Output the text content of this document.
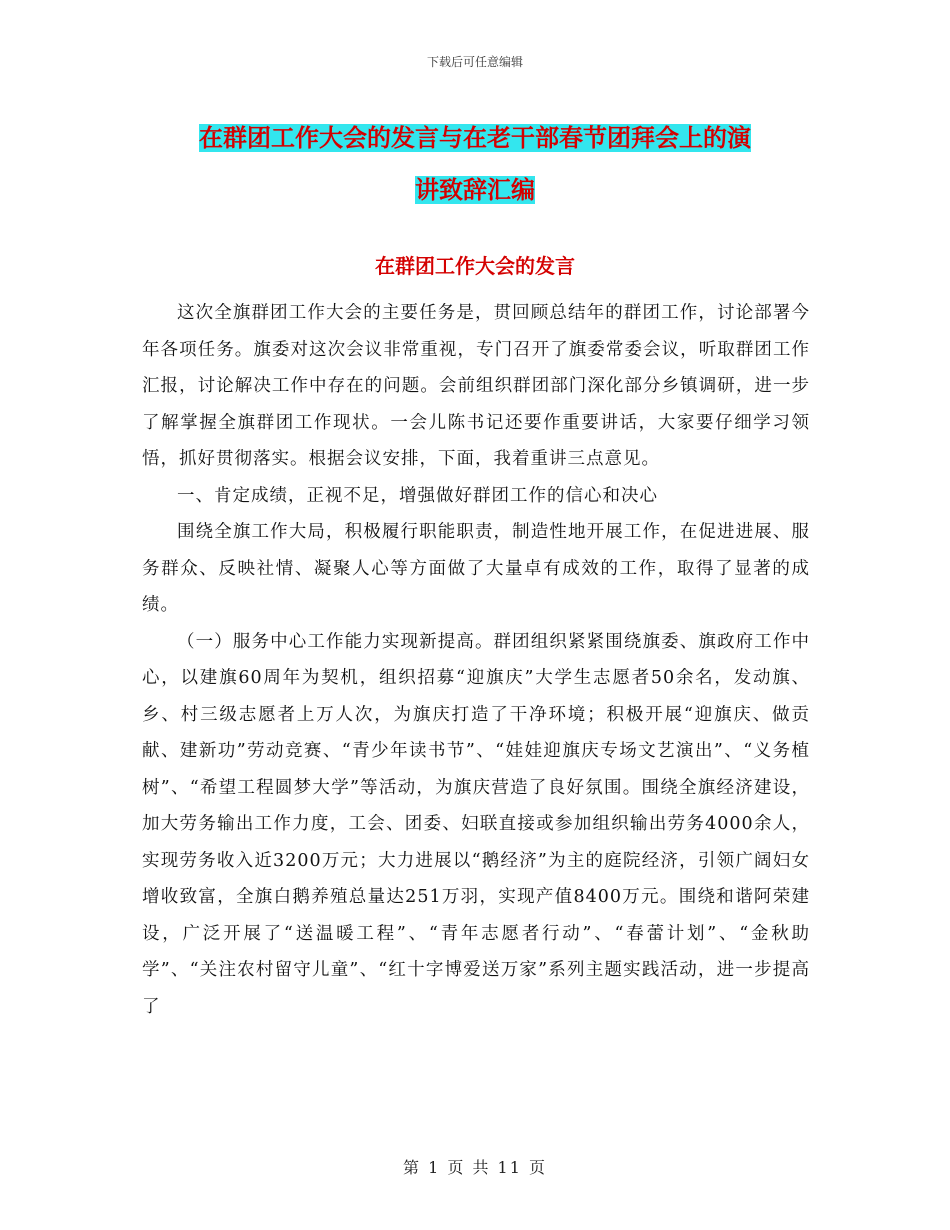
下载后可任意编辑
在群团工作大会的发言与在老干部春节团拜会上的演
讲致辞汇编
在群团工作大会的发言

这次全旗群团工作大会的主要任务是，贯回顾总结年的群团工作，讨论部署今年各项任务。旗委对这次会议非常重视，专门召开了旗委常委会议，听取群团工作汇报，讨论解决工作中存在的问题。会前组织群团部门深化部分乡镇调研，进一步了解掌握全旗群团工作现状。一会儿陈书记还要作重要讲话，大家要仔细学习领悟，抓好贯彻落实。根据会议安排，下面，我着重讲三点意见。

一、肯定成绩，正视不足，增强做好群团工作的信心和决心

围绕全旗工作大局，积极履行职能职责，制造性地开展工作，在促进进展、服务群众、反映社情、凝聚人心等方面做了大量卓有成效的工作，取得了显著的成绩。

（一）服务中心工作能力实现新提高。群团组织紧紧围绕旗委、旗政府工作中心，以建旗60周年为契机，组织招募“迎旗庆”大学生志愿者50余名，发动旗、乡、村三级志愿者上万人次，为旗庆打造了干净环境；积极开展“迎旗庆、做贡献、建新功”劳动竞赛、“青少年读书节”、“娃娃迎旗庆专场文艺演出”、“义务植树”、“希望工程圆梦大学”等活动，为旗庆营造了良好氛围。围绕全旗经济建设，加大劳务输出工作力度，工会、团委、妇联直接或参加组织输出劳务4000余人，实现劳务收入近3200万元；大力进展以“鹅经济”为主的庭院经济，引领广阔妇女增收致富，全旗白鹅养殖总量达251万羽，实现产值8400万元。围绕和谐阿荣建设，广泛开展了“送温暖工程”、“青年志愿者行动”、“春蕾计划”、“金秋助学”、“关注农村留守儿童”、“红十字博爱送万家”系列主题实践活动，进一步提高了

第 1 页 共 11 页
